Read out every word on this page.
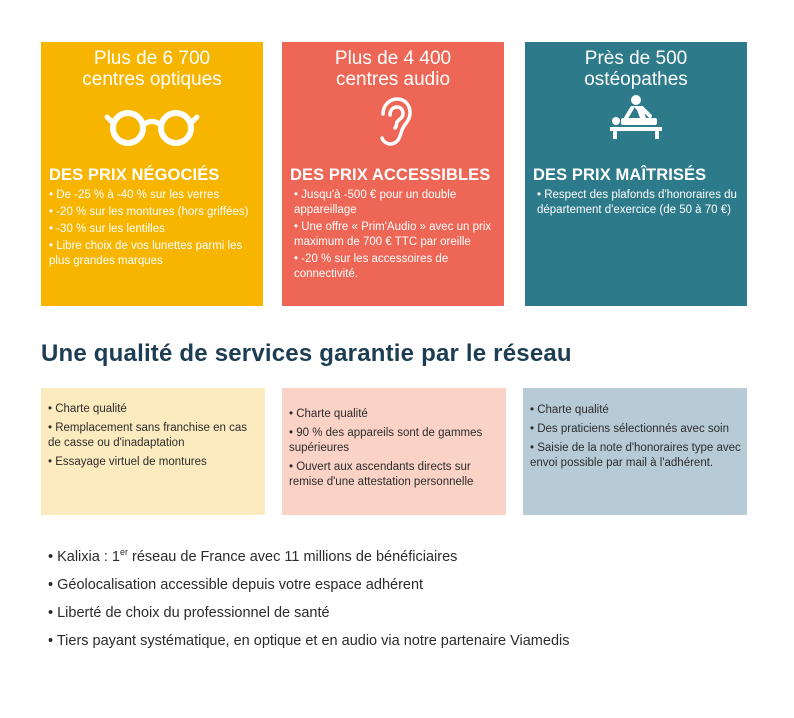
Plus de 6 700
centres optiques
DES PRIX NÉGOCIÉS
• De -25 % à -40 % sur les verres
• -20 % sur les montures (hors griffées)
• -30 % sur les lentilles
• Libre choix de vos lunettes parmi les plus grandes marques
Plus de 4 400
centres audio
DES PRIX ACCESSIBLES
• Jusqu'à -500 € pour un double appareillage
• Une offre « Prim'Audio » avec un prix maximum de 700 € TTC par oreille
• -20 % sur les accessoires de connectivité.
Près de 500
ostéopathes
DES PRIX MAÎTRISÉS
• Respect des plafonds d'honoraires du département d'exercice (de 50 à 70 €)
Une qualité de services garantie par le réseau
• Charte qualité
• Remplacement sans franchise en cas de casse ou d'inadaptation
• Essayage virtuel de montures
• Charte qualité
• 90 % des appareils sont de gammes supérieures
• Ouvert aux ascendants directs sur remise d'une attestation personnelle
• Charte qualité
• Des praticiens sélectionnés avec soin
• Saisie de la note d'honoraires type avec envoi possible par mail à l'adhérent.
• Kalixia : 1er réseau de France avec 11 millions de bénéficiaires
• Géolocalisation accessible depuis votre espace adhérent
• Liberté de choix du professionnel de santé
• Tiers payant systématique, en optique et en audio via notre partenaire Viamedis
